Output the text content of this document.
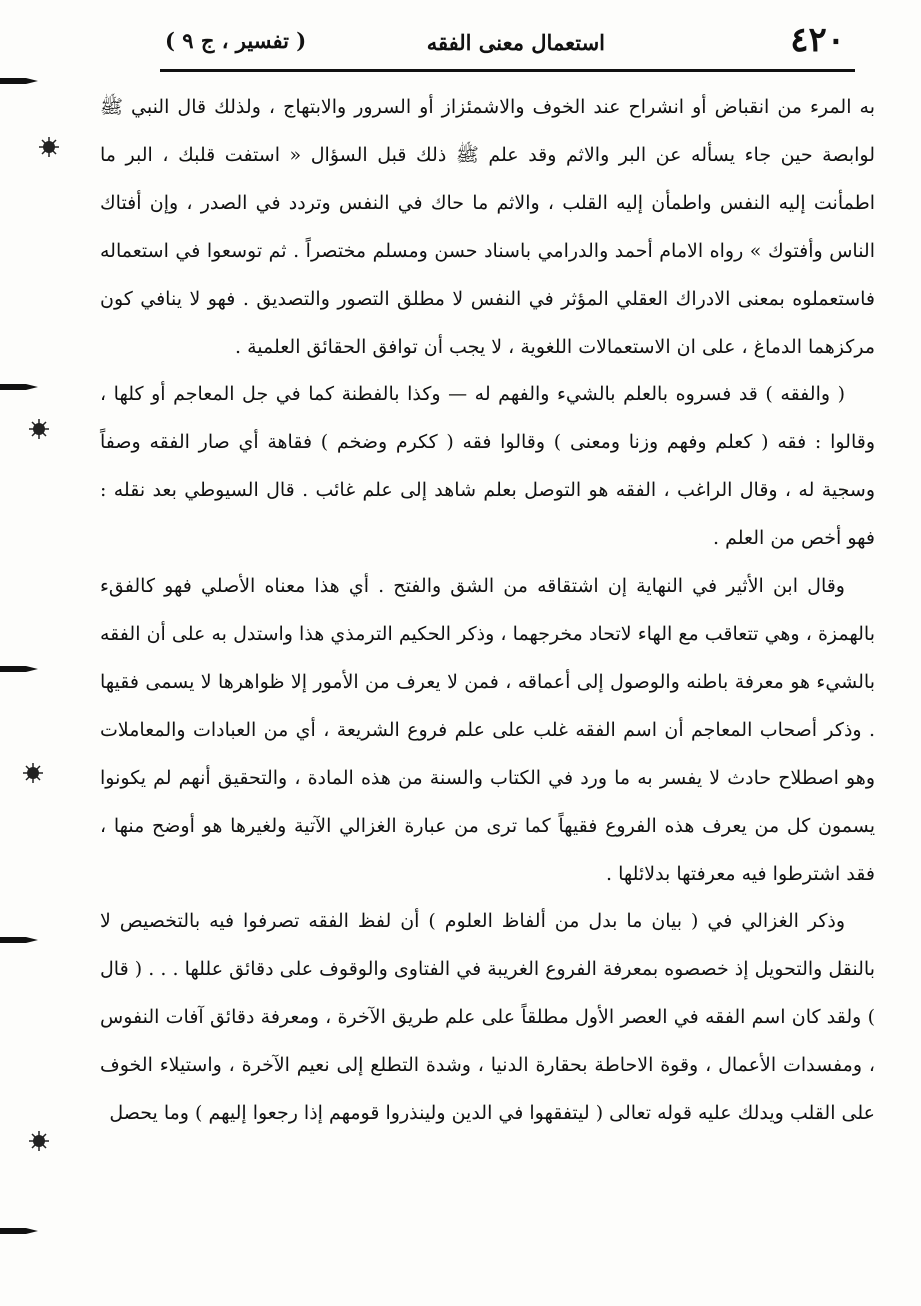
٤٢٠
استعمال معنى الفقه
( تفسير ، ج ٩ )

به المرء من انقباض أو انشراح عند الخوف والاشمئزاز أو السرور والابتهاج ، ولذلك قال النبي ﷺ لوابصة حين جاء يسأله عن البر والاثم وقد علم ﷺ ذلك قبل السؤال « استفت قلبك ، البر ما اطمأنت إليه النفس واطمأن إليه القلب ، والاثم ما حاك في النفس وتردد في الصدر ، وإن أفتاك الناس وأفتوك » رواه الامام أحمد والدرامي باسناد حسن ومسلم مختصراً . ثم توسعوا في استعماله فاستعملوه بمعنى الادراك العقلي المؤثر في النفس لا مطلق التصور والتصديق . فهو لا ينافي كون مركزهما الدماغ ، على ان الاستعمالات اللغوية ، لا يجب أن توافق الحقائق العلمية .

( والفقه ) قد فسروه بالعلم بالشيء والفهم له — وكذا بالفطنة كما في جل المعاجم أو كلها ، وقالوا : فقه ( كعلم وفهم وزنا ومعنى ) وقالوا فقه ( ككرم وضخم ) فقاهة أي صار الفقه وصفاً وسجية له ، وقال الراغب ، الفقه هو التوصل بعلم شاهد إلى علم غائب . قال السيوطي بعد نقله : فهو أخص من العلم .

وقال ابن الأثير في النهاية إن اشتقاقه من الشق والفتح . أي هذا معناه الأصلي فهو كالفقء بالهمزة ، وهي تتعاقب مع الهاء لاتحاد مخرجهما ، وذكر الحكيم الترمذي هذا واستدل به على أن الفقه بالشيء هو معرفة باطنه والوصول إلى أعماقه ، فمن لا يعرف من الأمور إلا ظواهرها لا يسمى فقيها . وذكر أصحاب المعاجم أن اسم الفقه غلب على علم فروع الشريعة ، أي من العبادات والمعاملات وهو اصطلاح حادث لا يفسر به ما ورد في الكتاب والسنة من هذه المادة ، والتحقيق أنهم لم يكونوا يسمون كل من يعرف هذه الفروع فقيهاً كما ترى من عبارة الغزالي الآتية ولغيرها هو أوضح منها ، فقد اشترطوا فيه معرفتها بدلائلها .

وذكر الغزالي في ( بيان ما بدل من ألفاظ العلوم ) أن لفظ الفقه تصرفوا فيه بالتخصيص لا بالنقل والتحويل إذ خصصوه بمعرفة الفروع الغريبة في الفتاوى والوقوف على دقائق عللها . . . ( قال ) ولقد كان اسم الفقه في العصر الأول مطلقاً على علم طريق الآخرة ، ومعرفة دقائق آفات النفوس ، ومفسدات الأعمال ، وقوة الاحاطة بحقارة الدنيا ، وشدة التطلع إلى نعيم الآخرة ، واستيلاء الخوف على القلب ويدلك عليه قوله تعالى ( ليتفقهوا في الدين ولينذروا قومهم إذا رجعوا إليهم ) وما يحصل
